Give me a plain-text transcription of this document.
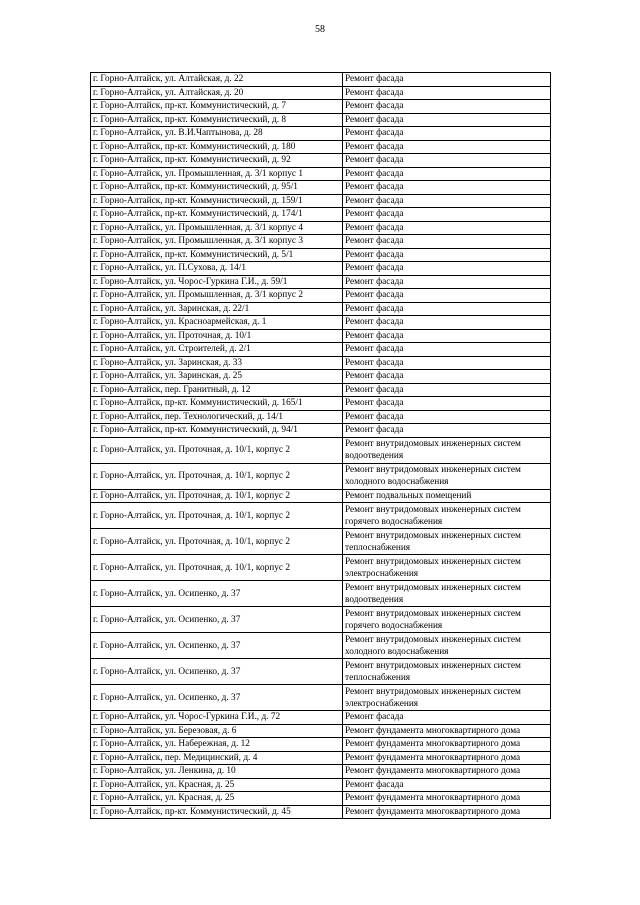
58
г. Горно-Алтайск, ул. Алтайская, д. 22	Ремонт фасада
г. Горно-Алтайск, ул. Алтайская, д. 20	Ремонт фасада
г. Горно-Алтайск, пр-кт. Коммунистический, д. 7	Ремонт фасада
г. Горно-Алтайск, пр-кт. Коммунистический, д. 8	Ремонт фасада
г. Горно-Алтайск, ул. В.И.Чаптынова, д. 28	Ремонт фасада
г. Горно-Алтайск, пр-кт. Коммунистический, д. 180	Ремонт фасада
г. Горно-Алтайск, пр-кт. Коммунистический, д. 92	Ремонт фасада
г. Горно-Алтайск, ул. Промышленная, д. 3/1 корпус 1	Ремонт фасада
г. Горно-Алтайск, пр-кт. Коммунистический, д. 95/1	Ремонт фасада
г. Горно-Алтайск, пр-кт. Коммунистический, д. 159/1	Ремонт фасада
г. Горно-Алтайск, пр-кт. Коммунистический, д. 174/1	Ремонт фасада
г. Горно-Алтайск, ул. Промышленная, д. 3/1 корпус 4	Ремонт фасада
г. Горно-Алтайск, ул. Промышленная, д. 3/1 корпус 3	Ремонт фасада
г. Горно-Алтайск, пр-кт. Коммунистический, д. 5/1	Ремонт фасада
г. Горно-Алтайск, ул. П.Сухова, д. 14/1	Ремонт фасада
г. Горно-Алтайск, ул. Чорос-Гуркина Г.И., д. 59/1	Ремонт фасада
г. Горно-Алтайск, ул. Промышленная, д. 3/1 корпус 2	Ремонт фасада
г. Горно-Алтайск, ул. Заринская, д. 22/1	Ремонт фасада
г. Горно-Алтайск, ул. Красноармейская, д. 1	Ремонт фасада
г. Горно-Алтайск, ул. Проточная, д. 10/1	Ремонт фасада
г. Горно-Алтайск, ул. Строителей, д. 2/1	Ремонт фасада
г. Горно-Алтайск, ул. Заринская, д. 33	Ремонт фасада
г. Горно-Алтайск, ул. Заринская, д. 25	Ремонт фасада
г. Горно-Алтайск, пер. Гранитный, д. 12	Ремонт фасада
г. Горно-Алтайск, пр-кт. Коммунистический, д. 165/1	Ремонт фасада
г. Горно-Алтайск, пер. Технологический, д. 14/1	Ремонт фасада
г. Горно-Алтайск, пр-кт. Коммунистический, д. 94/1	Ремонт фасада
г. Горно-Алтайск, ул. Проточная, д. 10/1, корпус 2	Ремонт внутридомовых инженерных систем водоотведения
г. Горно-Алтайск, ул. Проточная, д. 10/1, корпус 2	Ремонт внутридомовых инженерных систем холодного водоснабжения
г. Горно-Алтайск, ул. Проточная, д. 10/1, корпус 2	Ремонт подвальных помещений
г. Горно-Алтайск, ул. Проточная, д. 10/1, корпус 2	Ремонт внутридомовых инженерных систем горячего водоснабжения
г. Горно-Алтайск, ул. Проточная, д. 10/1, корпус 2	Ремонт внутридомовых инженерных систем теплоснабжения
г. Горно-Алтайск, ул. Проточная, д. 10/1, корпус 2	Ремонт внутридомовых инженерных систем электроснабжения
г. Горно-Алтайск, ул. Осипенко, д. 37	Ремонт внутридомовых инженерных систем водоотведения
г. Горно-Алтайск, ул. Осипенко, д. 37	Ремонт внутридомовых инженерных систем горячего водоснабжения
г. Горно-Алтайск, ул. Осипенко, д. 37	Ремонт внутридомовых инженерных систем холодного водоснабжения
г. Горно-Алтайск, ул. Осипенко, д. 37	Ремонт внутридомовых инженерных систем теплоснабжения
г. Горно-Алтайск, ул. Осипенко, д. 37	Ремонт внутридомовых инженерных систем электроснабжения
г. Горно-Алтайск, ул. Чорос-Гуркина Г.И., д. 72	Ремонт фасада
г. Горно-Алтайск, ул. Березовая, д. 6	Ремонт фундамента многоквартирного дома
г. Горно-Алтайск, ул. Набережная, д. 12	Ремонт фундамента многоквартирного дома
г. Горно-Алтайск, пер. Медицинский, д. 4	Ремонт фундамента многоквартирного дома
г. Горно-Алтайск, ул. Ленкина, д. 10	Ремонт фундамента многоквартирного дома
г. Горно-Алтайск, ул. Красная, д. 25	Ремонт фасада
г. Горно-Алтайск, ул. Красная, д. 25	Ремонт фундамента многоквартирного дома
г. Горно-Алтайск, пр-кт. Коммунистический, д. 45	Ремонт фундамента многоквартирного дома
